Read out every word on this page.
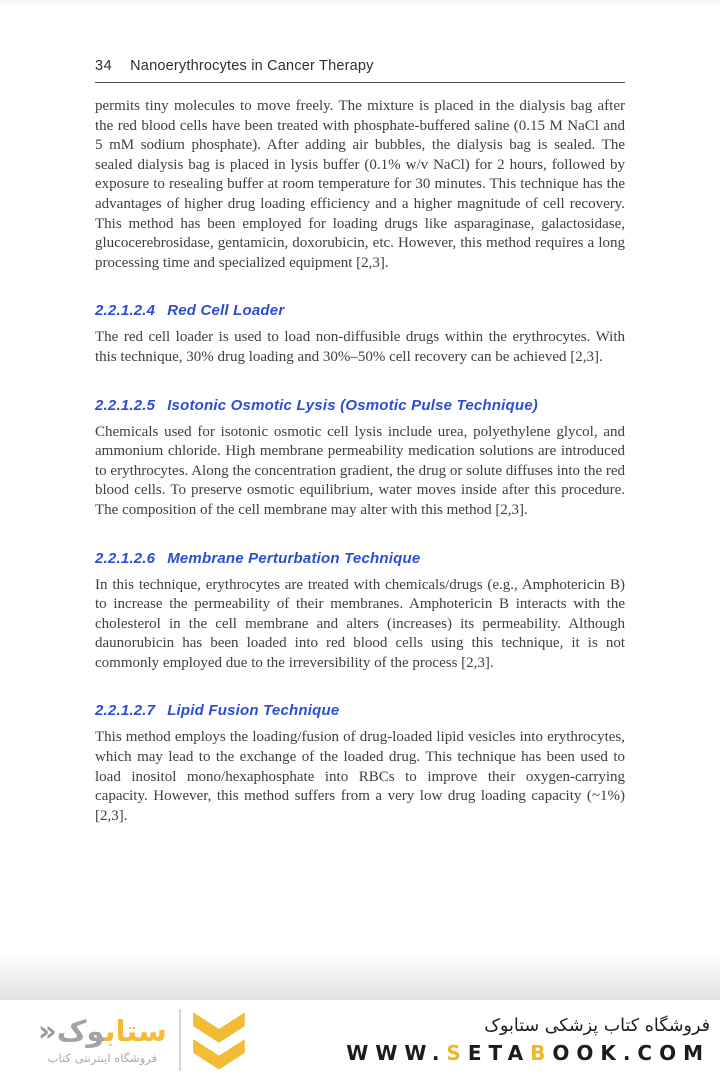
34 Nanoerythrocytes in Cancer Therapy

permits tiny molecules to move freely. The mixture is placed in the dialysis bag after the red blood cells have been treated with phosphate-buffered saline (0.15 M NaCl and 5 mM sodium phosphate). After adding air bubbles, the dialysis bag is sealed. The sealed dialysis bag is placed in lysis buffer (0.1% w/v NaCl) for 2 hours, followed by exposure to resealing buffer at room temperature for 30 minutes. This technique has the advantages of higher drug loading efficiency and a higher magnitude of cell recovery. This method has been employed for loading drugs like asparaginase, galactosidase, glucocerebrosidase, gentamicin, doxorubicin, etc. However, this method requires a long processing time and specialized equipment [2,3].

2.2.1.2.4 Red Cell Loader

The red cell loader is used to load non-diffusible drugs within the erythrocytes. With this technique, 30% drug loading and 30%–50% cell recovery can be achieved [2,3].

2.2.1.2.5 Isotonic Osmotic Lysis (Osmotic Pulse Technique)

Chemicals used for isotonic osmotic cell lysis include urea, polyethylene glycol, and ammonium chloride. High membrane permeability medication solutions are introduced to erythrocytes. Along the concentration gradient, the drug or solute diffuses into the red blood cells. To preserve osmotic equilibrium, water moves inside after this procedure. The composition of the cell membrane may alter with this method [2,3].

2.2.1.2.6 Membrane Perturbation Technique

In this technique, erythrocytes are treated with chemicals/drugs (e.g., Amphotericin B) to increase the permeability of their membranes. Amphotericin B interacts with the cholesterol in the cell membrane and alters (increases) its permeability. Although daunorubicin has been loaded into red blood cells using this technique, it is not commonly employed due to the irreversibility of the process [2,3].

2.2.1.2.7 Lipid Fusion Technique

This method employs the loading/fusion of drug-loaded lipid vesicles into erythrocytes, which may lead to the exchange of the loaded drug. This technique has been used to load inositol mono/hexaphosphate into RBCs to improve their oxygen-carrying capacity. However, this method suffers from a very low drug loading capacity (~1%) [2,3].

ستابوک«
فروشگاه اینترنتی کتاب
فروشگاه کتاب پزشکی ستابوک
WWW.SETABOOK.COM
